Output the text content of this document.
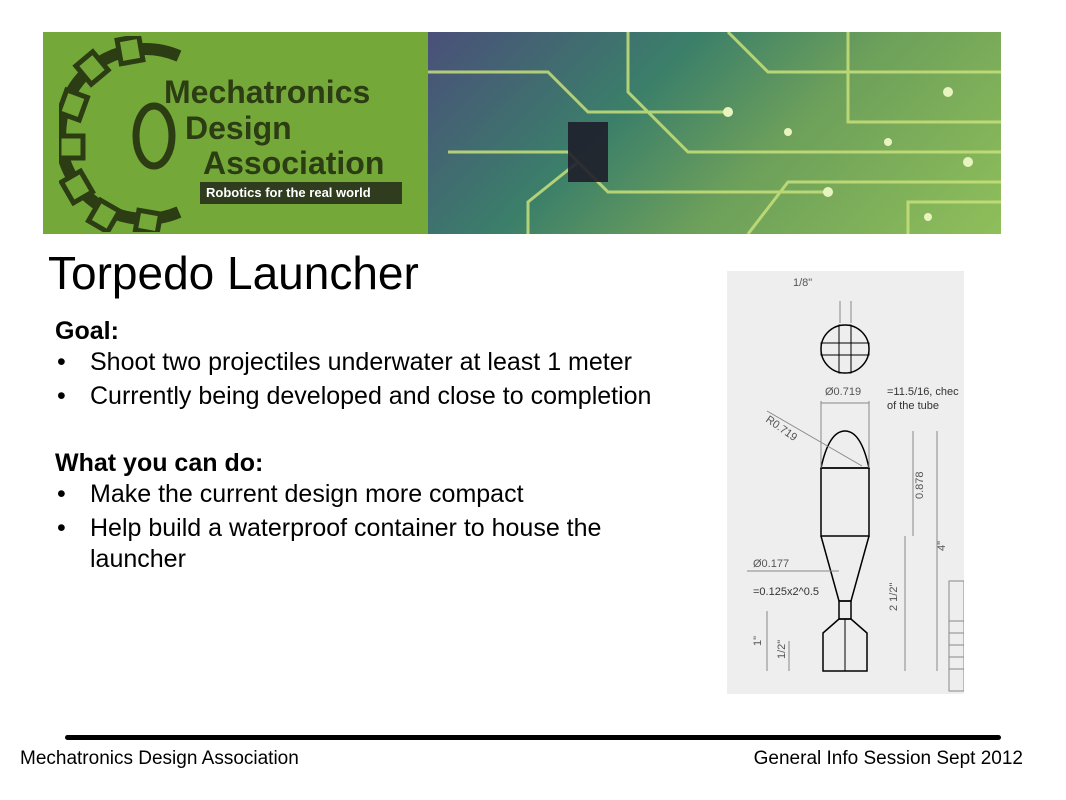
Mechatronics
Design
Association
Robotics for the real world
Torpedo Launcher

Goal:

• Shoot two projectiles underwater at least 1 meter
• Currently being developed and close to completion

What you can do:

• Make the current design more compact
• Help build a waterproof container to house the launcher
1/8"
Ø0.719 =11.5/16, chec
of the tube
R0.719
0.878
4"
Ø0.177
=0.125x2^0.5	2 1/2"
1" 1/2"
Mechatronics Design Association	General Info Session Sept 2012
